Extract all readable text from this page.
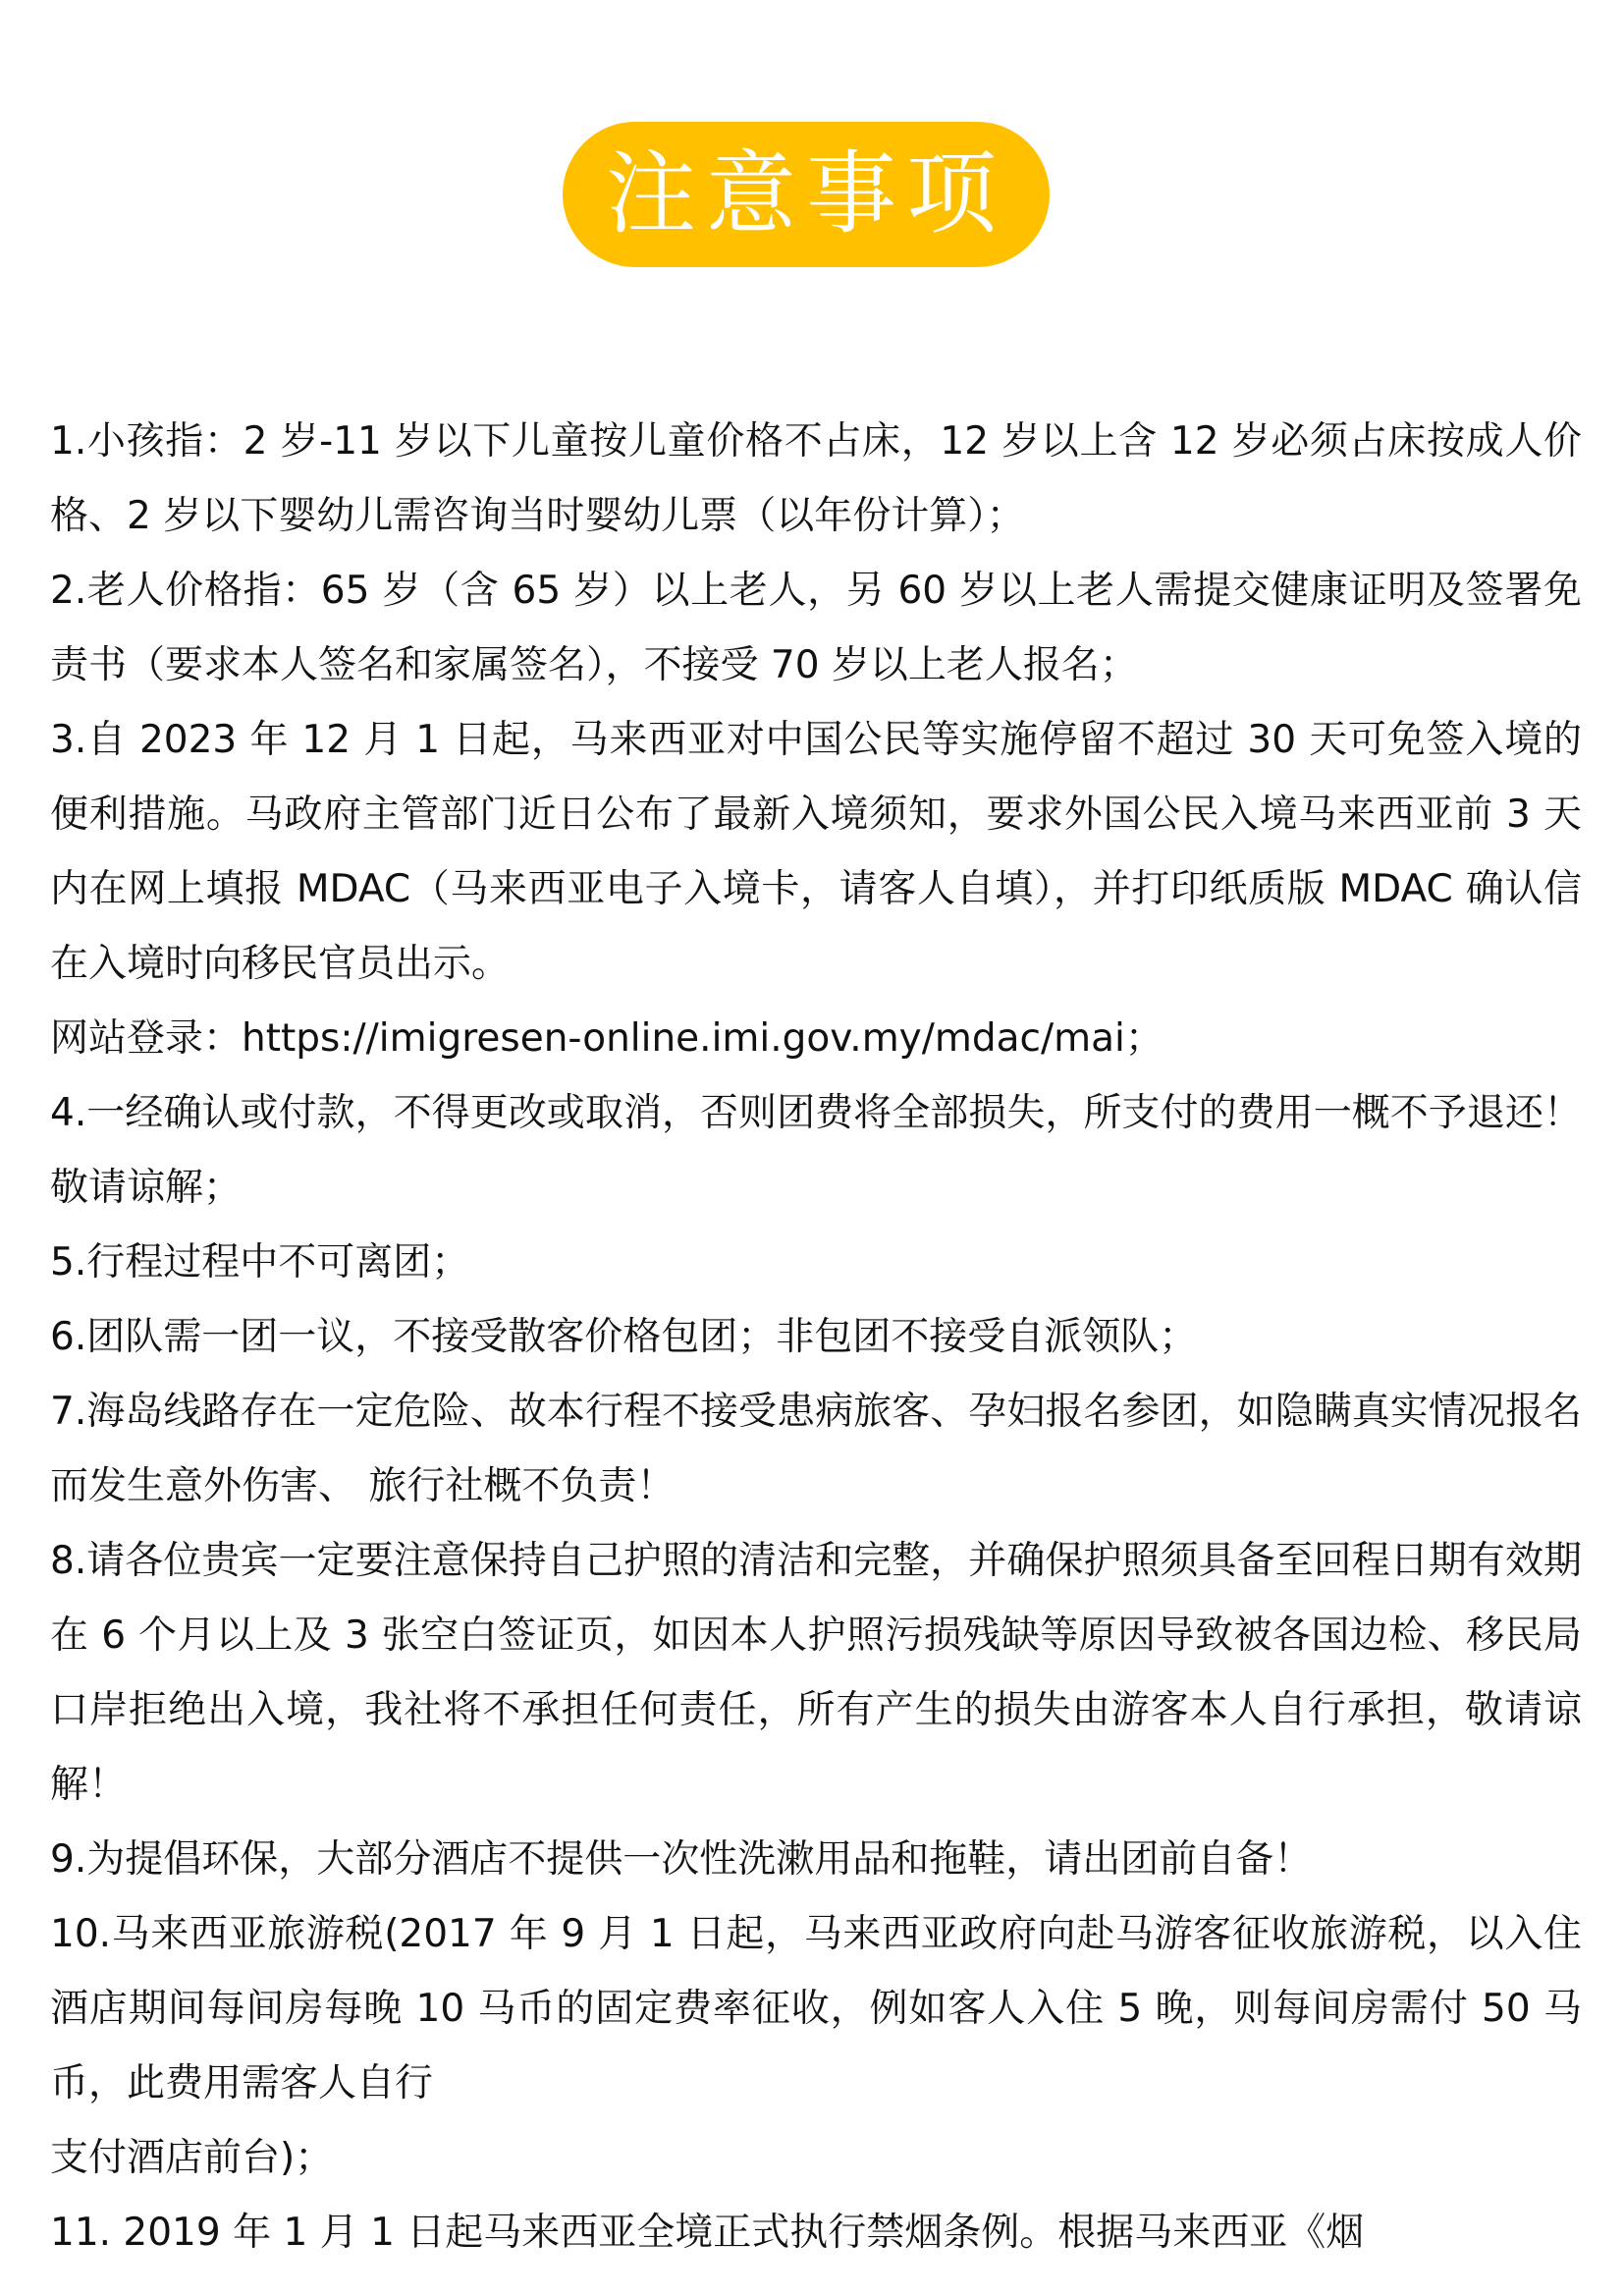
注意事项

1.小孩指：2 岁-11 岁以下儿童按儿童价格不占床，12 岁以上含 12 岁必须占床按成人价格、2 岁以下婴幼儿需咨询当时婴幼儿票（以年份计算）；

2.老人价格指：65 岁（含 65 岁）以上老人，另 60 岁以上老人需提交健康证明及签署免责书（要求本人签名和家属签名），不接受 70 岁以上老人报名；

3.自 2023 年 12 月 1 日起，马来西亚对中国公民等实施停留不超过 30 天可免签入境的便利措施。马政府主管部门近日公布了最新入境须知，要求外国公民入境马来西亚前 3 天内在网上填报 MDAC（马来西亚电子入境卡，请客人自填），并打印纸质版 MDAC 确认信在入境时向移民官员出示。

网站登录：https://imigresen-online.imi.gov.my/mdac/mai；

4.一经确认或付款，不得更改或取消，否则团费将全部损失，所支付的费用一概不予退还！敬请谅解；

5.行程过程中不可离团；

6.团队需一团一议，不接受散客价格包团；非包团不接受自派领队；

7.海岛线路存在一定危险、故本行程不接受患病旅客、孕妇报名参团，如隐瞒真实情况报名而发生意外伤害、 旅行社概不负责！

8.请各位贵宾一定要注意保持自己护照的清洁和完整，并确保护照须具备至回程日期有效期在 6 个月以上及 3 张空白签证页，如因本人护照污损残缺等原因导致被各国边检、移民局口岸拒绝出入境，我社将不承担任何责任，所有产生的损失由游客本人自行承担，敬请谅解！

9.为提倡环保，大部分酒店不提供一次性洗漱用品和拖鞋，请出团前自备！

10.马来西亚旅游税(2017 年 9 月 1 日起，马来西亚政府向赴马游客征收旅游税，以入住酒店期间每间房每晚 10 马币的固定费率征收，例如客人入住 5 晚，则每间房需付 50 马币，此费用需客人自行

支付酒店前台)；

11. 2019 年 1 月 1 日起马来西亚全境正式执行禁烟条例。根据马来西亚《烟
